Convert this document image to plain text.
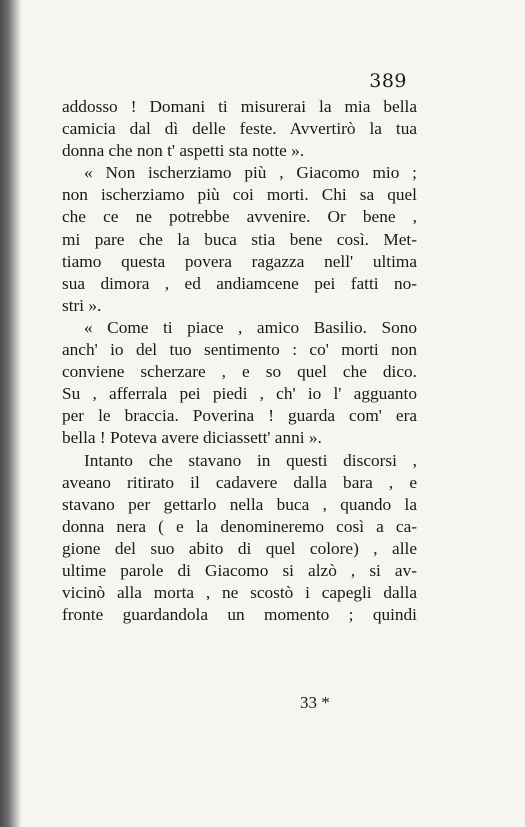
389
addosso ! Domani ti misurerai la mia bella
camicia dal dì delle feste. Avvertirò la tua
donna che non t' aspetti sta notte ».
« Non ischerziamo più , Giacomo mio ;
non ischerziamo più coi morti. Chi sa quel
che ce ne potrebbe avvenire. Or bene ,
mi pare che la buca stia bene così. Met-
tiamo questa povera ragazza nell' ultima
sua dimora , ed andiamcene pei fatti no-
stri ».
« Come ti piace , amico Basilio. Sono
anch' io del tuo sentimento : co' morti non
conviene scherzare , e so quel che dico.
Su , afferrala pei piedi , ch' io l' agguanto
per le braccia. Poverina ! guarda com' era
bella ! Poteva avere diciassett' anni ».
Intanto che stavano in questi discorsi ,
aveano ritirato il cadavere dalla bara , e
stavano per gettarlo nella buca , quando la
donna nera ( e la denomineremo così a ca-
gione del suo abito di quel colore) , alle
ultime parole di Giacomo si alzò , si av-
vicinò alla morta , ne scostò i capegli dalla
fronte guardandola un momento ; quindi
33 *
